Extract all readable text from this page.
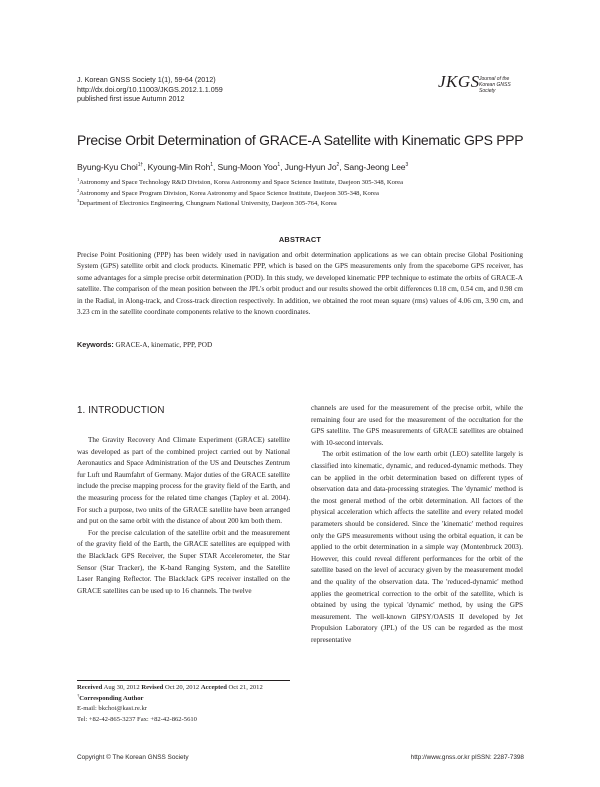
J. Korean GNSS Society 1(1), 59-64 (2012)
http://dx.doi.org/10.11003/JKGS.2012.1.1.059
published first issue Autumn 2012
JKGS Journal of the
Korean GNSS Society
Precise Orbit Determination of GRACE-A Satellite with Kinematic GPS PPP
Byung-Kyu Choi$^{1\dagger}$, Kyoung-Min Roh$^1$, Sung-Moon Yoo$^1$, Jung-Hyun Jo$^2$, Sang-Jeong Lee$^3$
$^1$Astronomy and Space Technology R&D Division, Korea Astronomy and Space Science Institute, Daejeon 305-348, Korea
$^2$Astronomy and Space Program Division, Korea Astronomy and Space Science Institute, Daejeon 305-348, Korea
$^3$Department of Electronics Engineering, Chungnam National University, Daejeon 305-764, Korea
ABSTRACT
Precise Point Positioning (PPP) has been widely used in navigation and orbit determination applications as we can obtain precise Global Positioning System (GPS) satellite orbit and clock products. Kinematic PPP, which is based on the GPS measurements only from the spaceborne GPS receiver, has some advantages for a simple precise orbit determination (POD). In this study, we developed kinematic PPP technique to estimate the orbits of GRACE-A satellite. The comparison of the mean position between the JPL's orbit product and our results showed the orbit differences 0.18 cm, 0.54 cm, and 0.98 cm in the Radial, in Along-track, and Cross-track direction respectively. In addition, we obtained the root mean square (rms) values of 4.06 cm, 3.90 cm, and 3.23 cm in the satellite coordinate components relative to the known coordinates.
Keywords: GRACE-A, kinematic, PPP, POD
1. INTRODUCTION

The Gravity Recovery And Climate Experiment (GRACE) satellite was developed as part of the combined project carried out by National Aeronautics and Space Administration of the US and Deutsches Zentrum fur Luft und Raumfahrt of Germany. Major duties of the GRACE satellite include the precise mapping process for the gravity field of the Earth, and the measuring process for the related time changes (Tapley et al. 2004). For such a purpose, two units of the GRACE satellite have been arranged and put on the same orbit with the distance of about 200 km both them.

For the precise calculation of the satellite orbit and the measurement of the gravity field of the Earth, the GRACE satellites are equipped with the BlackJack GPS Receiver, the Super STAR Accelerometer, the Star Sensor (Star Tracker), the K-band Ranging System, and the Satellite Laser Ranging Reflector. The BlackJack GPS receiver installed on the GRACE satellites can be used up to 16 channels. The twelve

channels are used for the measurement of the precise orbit, while the remaining four are used for the measurement of the occultation for the GPS satellite. The GPS measurements of GRACE satellites are obtained with 10-second intervals.

The orbit estimation of the low earth orbit (LEO) satellite largely is classified into kinematic, dynamic, and reduced-dynamic methods. They can be applied in the orbit determination based on different types of observation data and data-processing strategies. The 'dynamic' method is the most general method of the orbit determination. All factors of the physical acceleration which affects the satellite and every related model parameters should be considered. Since the 'kinematic' method requires only the GPS measurements without using the orbital equation, it can be applied to the orbit determination in a simple way (Montenbruck 2003). However, this could reveal different performances for the orbit of the satellite based on the level of accuracy given by the measurement model and the quality of the observation data. The 'reduced-dynamic' method applies the geometrical correction to the orbit of the satellite, which is obtained by using the typical 'dynamic' method, by using the GPS measurement. The well-known GIPSY/OASIS II developed by Jet Propulsion Laboratory (JPL) of the US can be regarded as the most representative

Received Aug 30, 2012 Revised Oct 20, 2012 Accepted Oct 21, 2012
†Corresponding Author
E-mail: bkchoi@kasi.re.kr
Tel: +82-42-865-3237 Fax: +82-42-862-5610
Copyright © The Korean GNSS Society	http://www.gnss.or.kr pISSN: 2287-7398
